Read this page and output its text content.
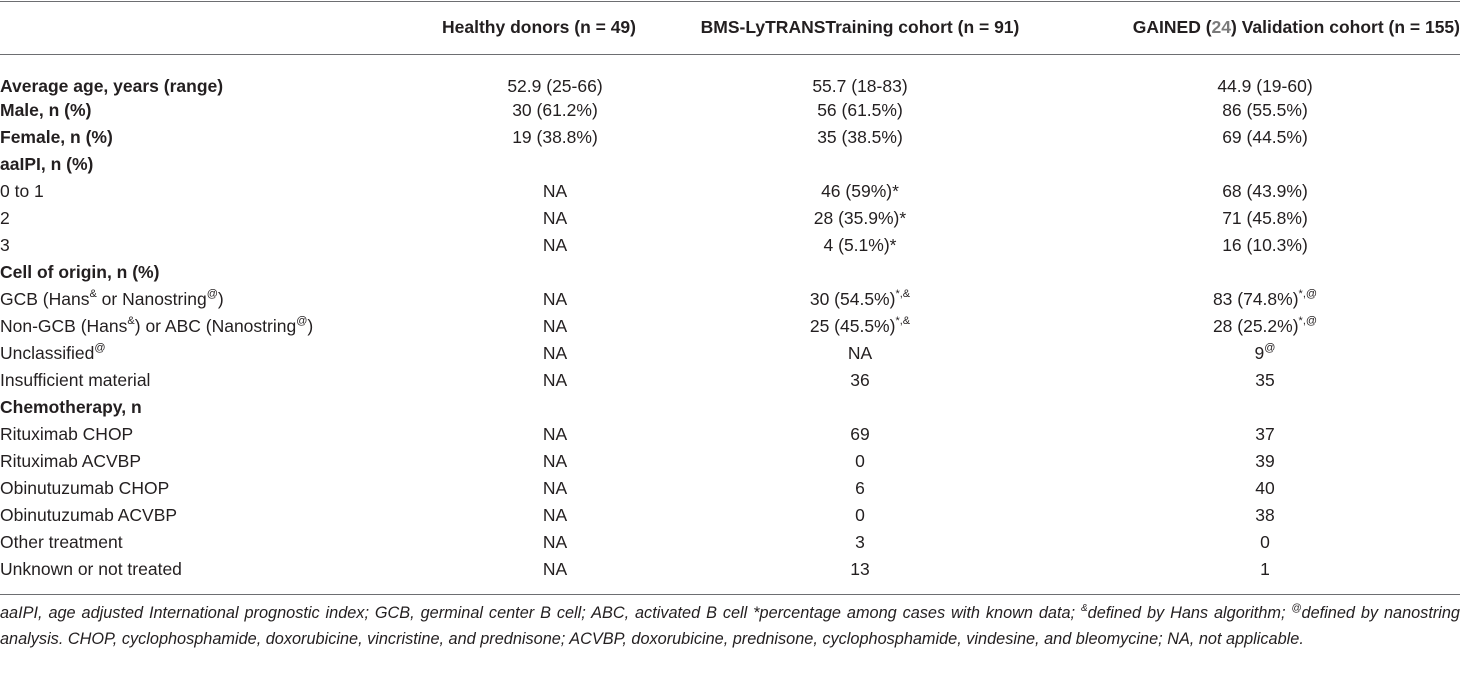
	Healthy donors (n = 49)	BMS-LyTRANSTraining cohort (n = 91)	GAINED (24) Validation cohort (n = 155)
Average age, years (range)	52.9 (25-66)	55.7 (18-83)	44.9 (19-60)
Male, n (%)	30 (61.2%)	56 (61.5%)	86 (55.5%)
Female, n (%)	19 (38.8%)	35 (38.5%)	69 (44.5%)
aaIPI, n (%)			
0 to 1	NA	46 (59%)*	68 (43.9%)
2	NA	28 (35.9%)*	71 (45.8%)
3	NA	4 (5.1%)*	16 (10.3%)
Cell of origin, n (%)			
GCB (Hans& or Nanostring@)	NA	30 (54.5%)*,&	83 (74.8%)*,@
Non-GCB (Hans&) or ABC (Nanostring@)	NA	25 (45.5%)*,&	28 (25.2%)*,@
Unclassified@	NA	NA	9@
Insufficient material	NA	36	35
Chemotherapy, n			
Rituximab CHOP	NA	69	37
Rituximab ACVBP	NA	0	39
Obinutuzumab CHOP	NA	6	40
Obinutuzumab ACVBP	NA	0	38
Other treatment	NA	3	0
Unknown or not treated	NA	13	1
aaIPI, age adjusted International prognostic index; GCB, germinal center B cell; ABC, activated B cell *percentage among cases with known data; &defined by Hans algorithm; @defined by nanostring analysis. CHOP, cyclophosphamide, doxorubicine, vincristine, and prednisone; ACVBP, doxorubicine, prednisone, cyclophosphamide, vindesine, and bleomycine; NA, not applicable.
